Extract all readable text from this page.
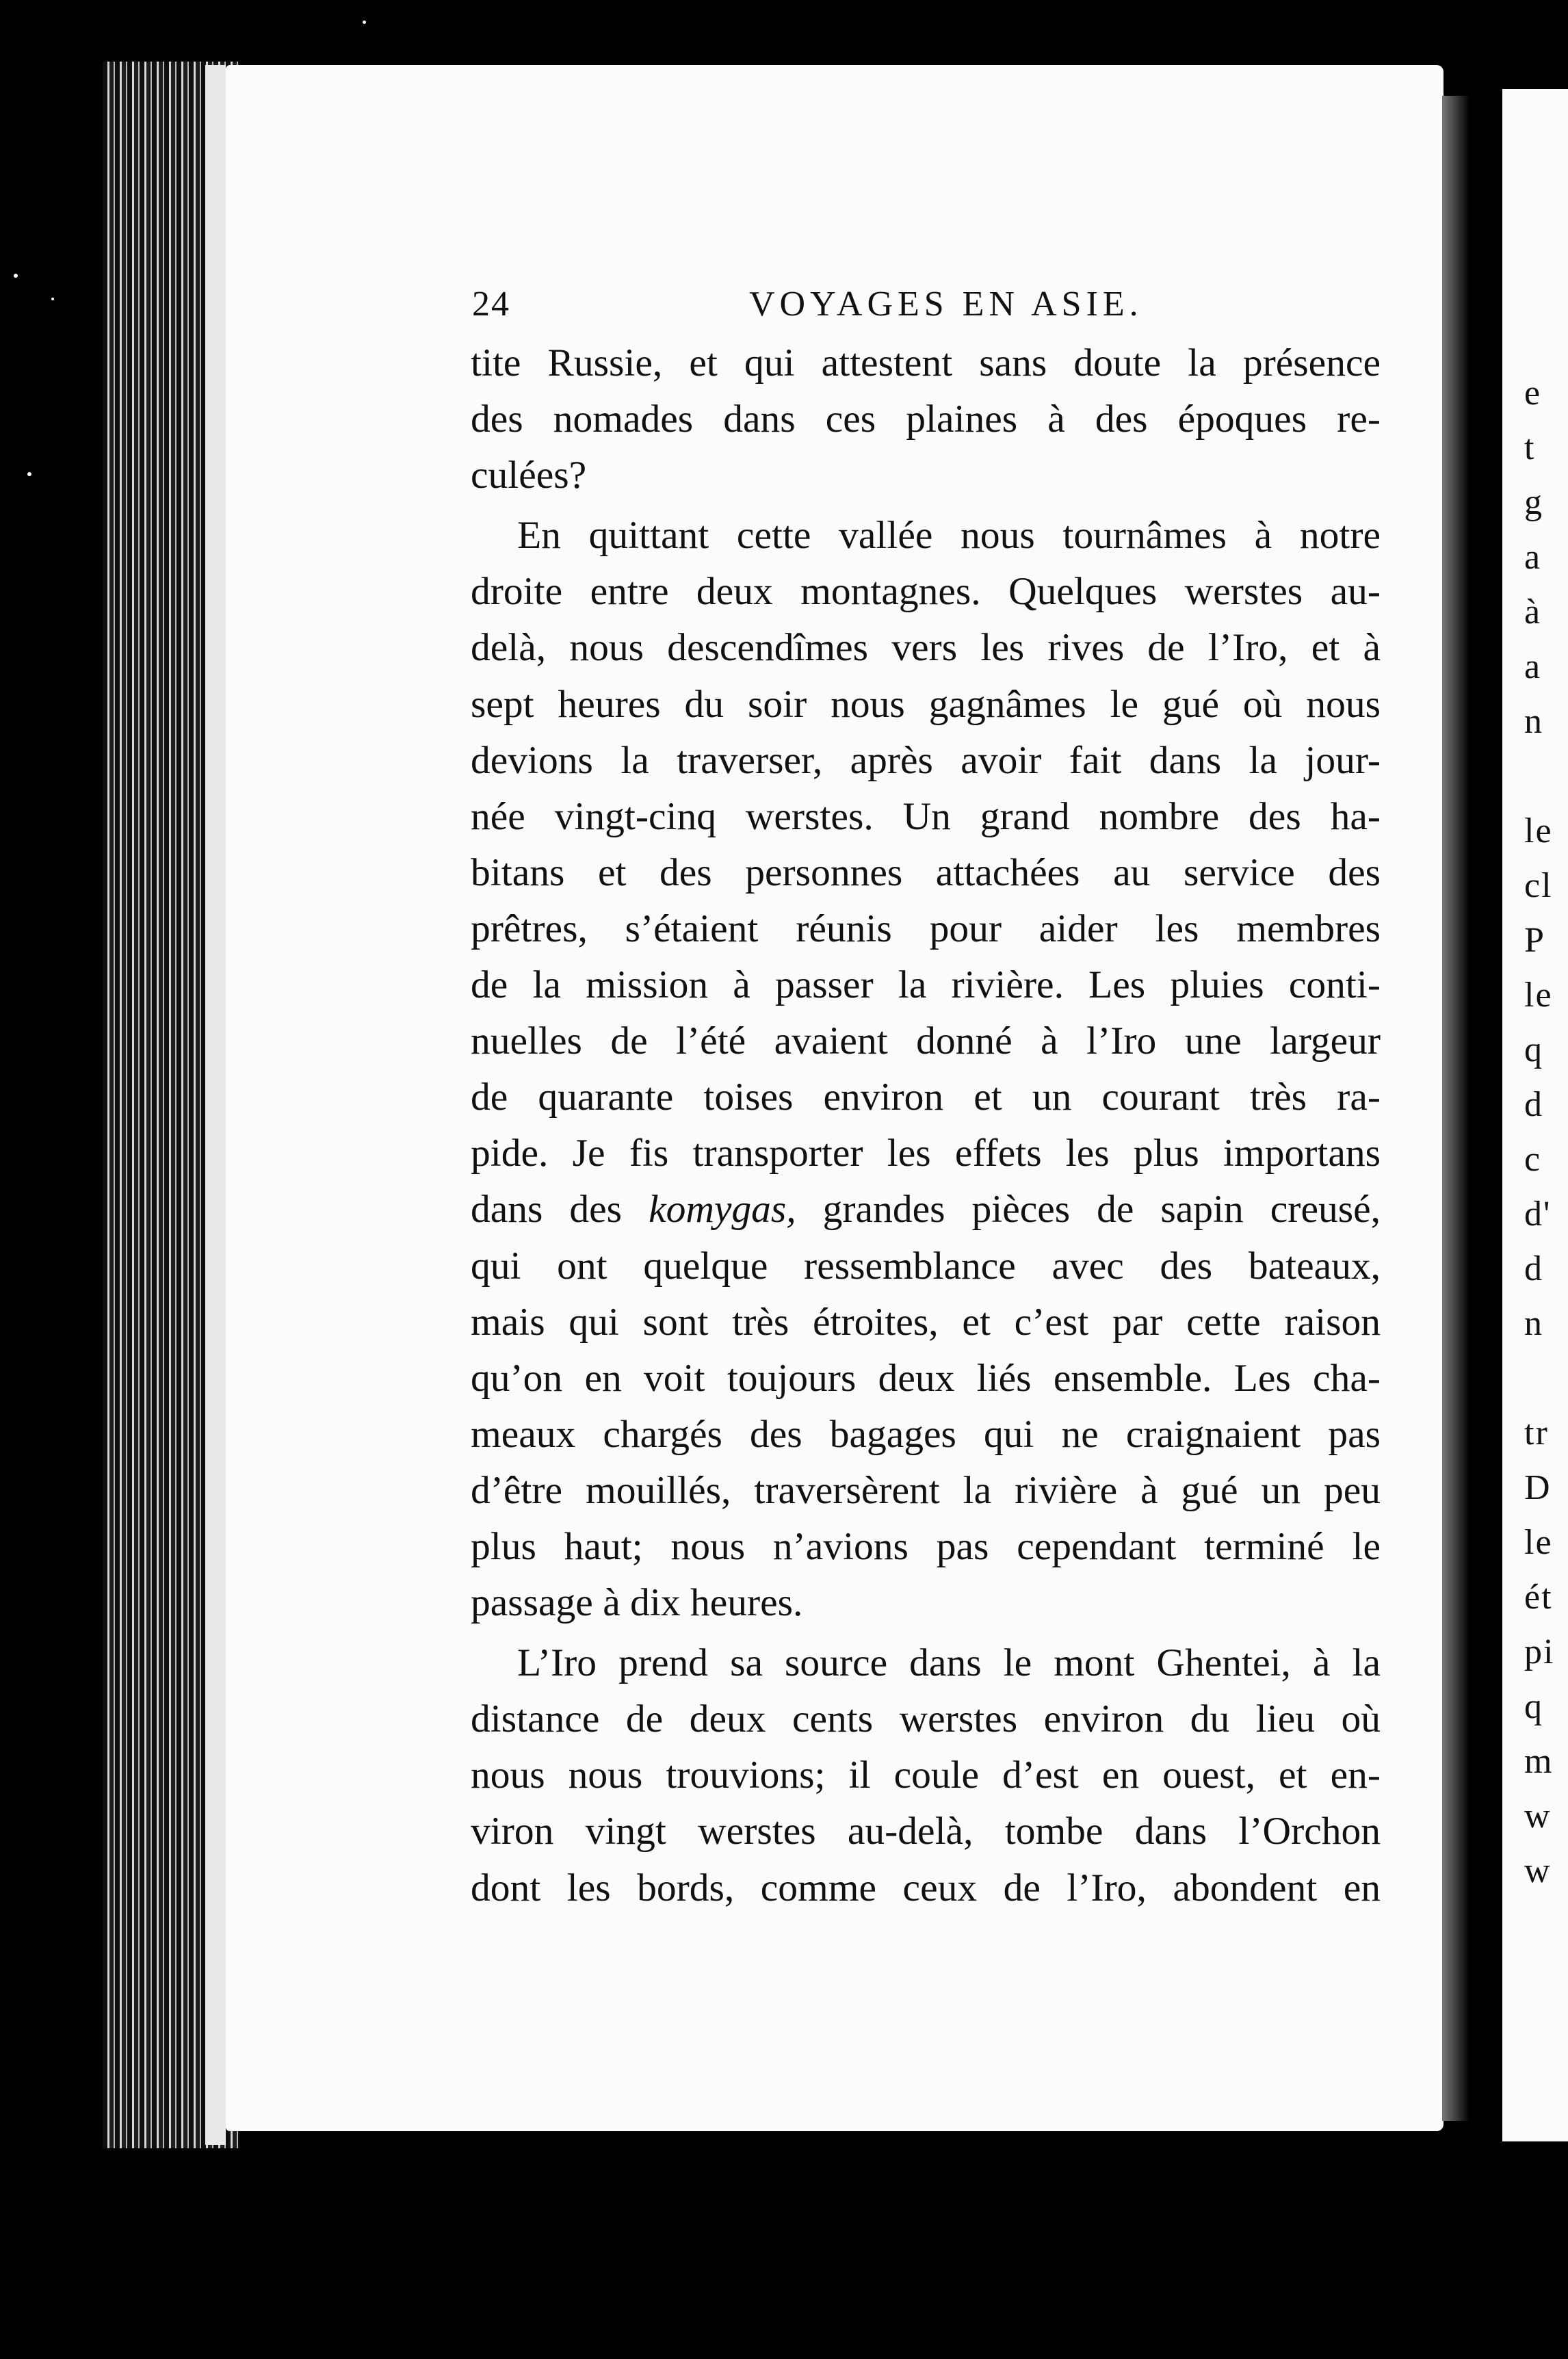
e
t
g
a
à
a
n

le
cl
P
le
q
d
c
d'
d
n

tr
D
le
ét
pi
q
m
w
w
24	VOYAGES EN ASIE.
tite Russie, et qui attestent sans doute la présence
des nomades dans ces plaines à des époques re-
culées?
En quittant cette vallée nous tournâmes à notre
droite entre deux montagnes. Quelques werstes au-
delà, nous descendîmes vers les rives de l’Iro, et à
sept heures du soir nous gagnâmes le gué où nous
devions la traverser, après avoir fait dans la jour-
née vingt-cinq werstes. Un grand nombre des ha-
bitans et des personnes attachées au service des
prêtres, s’étaient réunis pour aider les membres
de la mission à passer la rivière. Les pluies conti-
nuelles de l’été avaient donné à l’Iro une largeur
de quarante toises environ et un courant très ra-
pide. Je fis transporter les effets les plus importans
dans des komygas, grandes pièces de sapin creusé,
qui ont quelque ressemblance avec des bateaux,
mais qui sont très étroites, et c’est par cette raison
qu’on en voit toujours deux liés ensemble. Les cha-
meaux chargés des bagages qui ne craignaient pas
d’être mouillés, traversèrent la rivière à gué un peu
plus haut; nous n’avions pas cependant terminé le
passage à dix heures.
L’Iro prend sa source dans le mont Ghentei, à la
distance de deux cents werstes environ du lieu où
nous nous trouvions; il coule d’est en ouest, et en-
viron vingt werstes au-delà, tombe dans l’Orchon
dont les bords, comme ceux de l’Iro, abondent en
